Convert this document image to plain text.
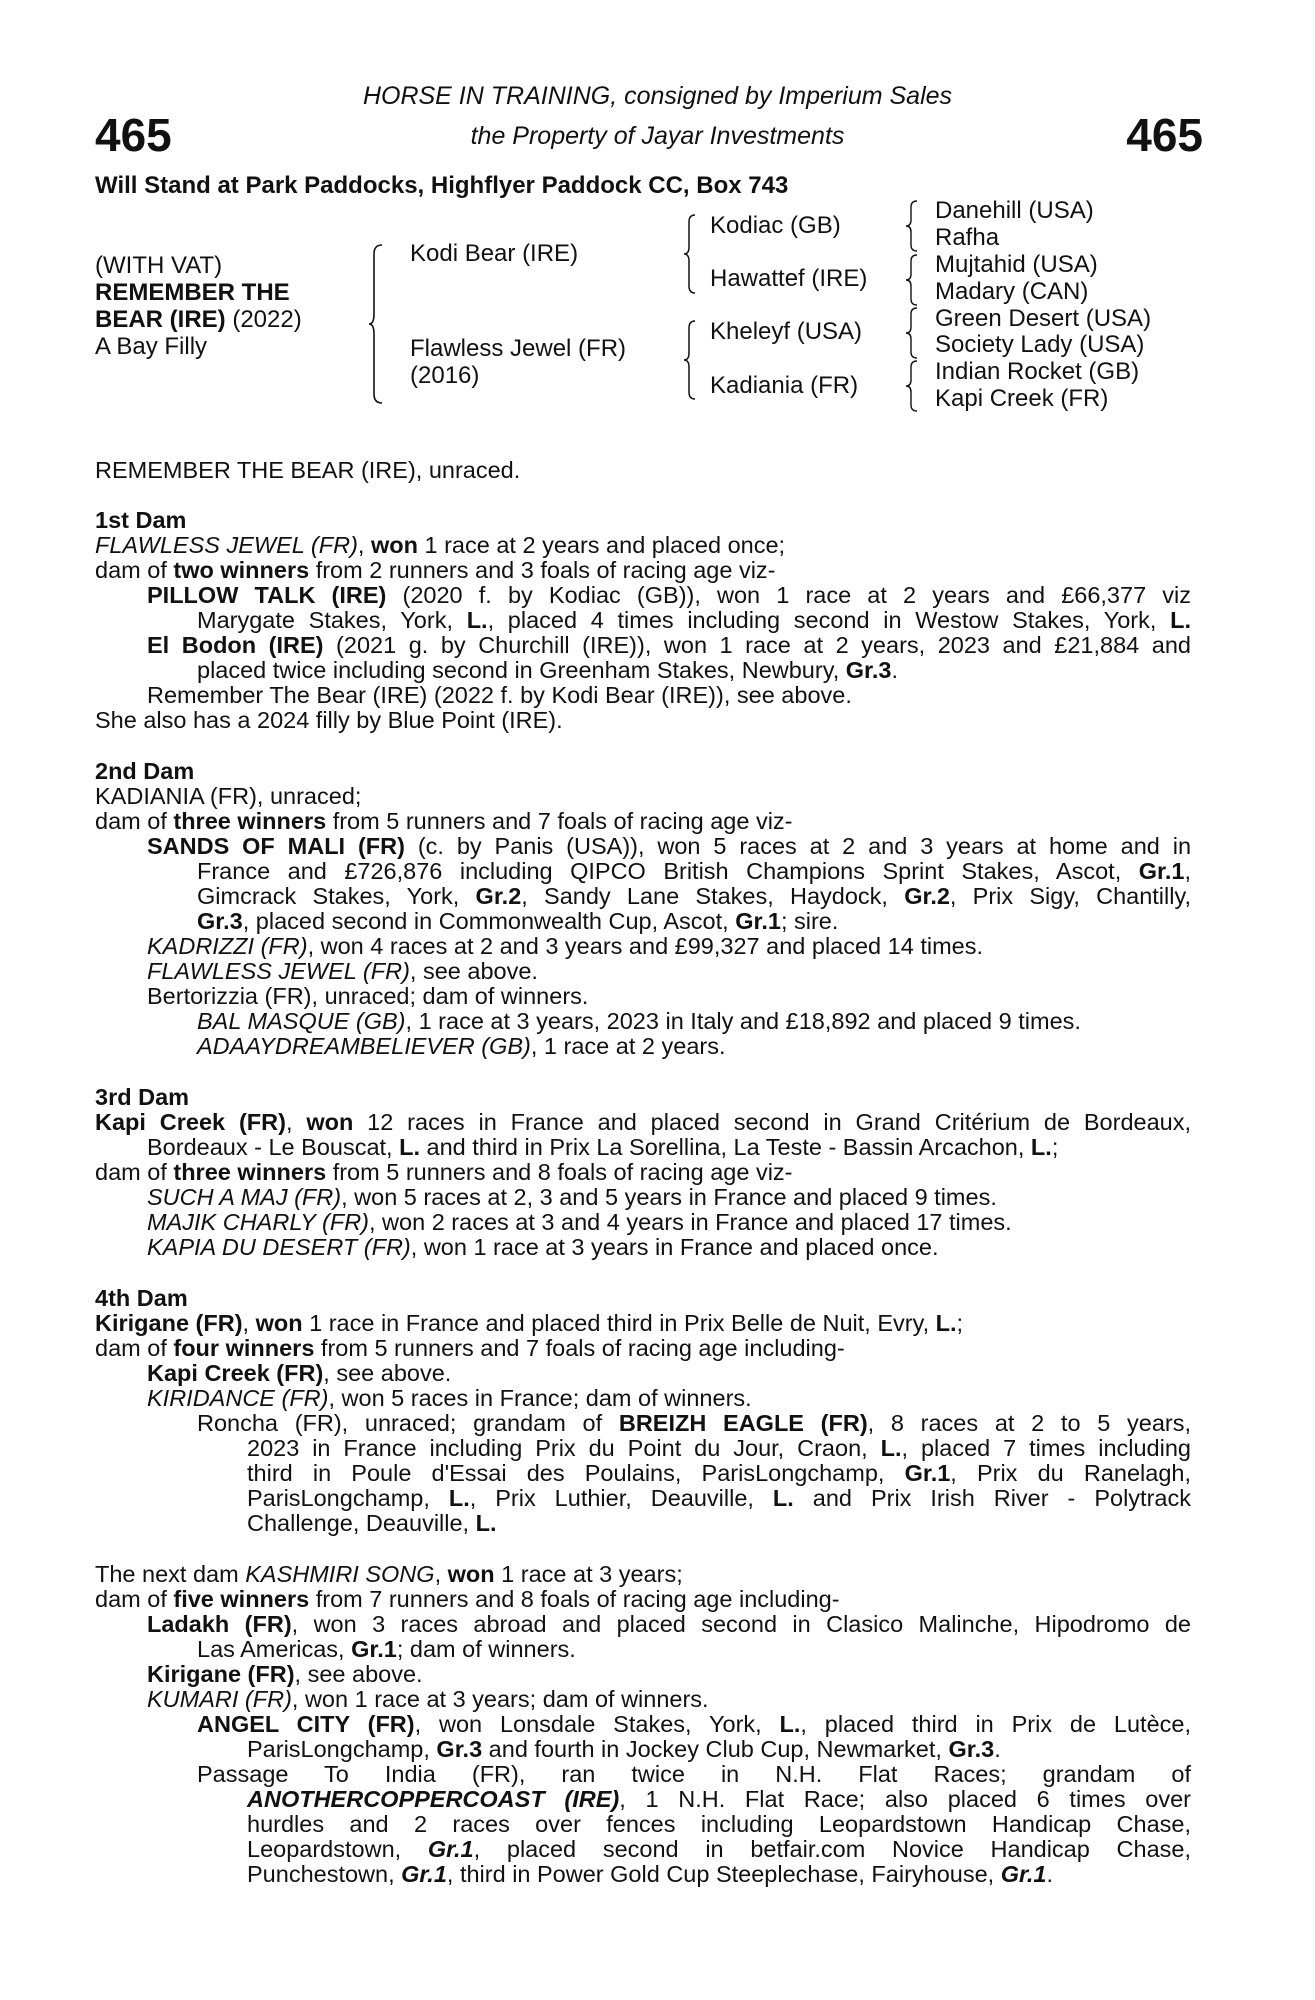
465	465
HORSE IN TRAINING, consigned by Imperium Sales
the Property of Jayar Investments
Will Stand at Park Paddocks, Highflyer Paddock CC, Box 743
(WITH VAT)
REMEMBER THE
BEAR (IRE) (2022)
A Bay Filly
Kodi Bear (IRE)
Flawless Jewel (FR)
(2016)
Kodiac (GB)
Hawattef (IRE)
Kheleyf (USA)
Kadiania (FR)
Danehill (USA)
Rafha
Mujtahid (USA)
Madary (CAN)
Green Desert (USA)
Society Lady (USA)
Indian Rocket (GB)
Kapi Creek (FR)
REMEMBER THE BEAR (IRE), unraced.
1st Dam
FLAWLESS JEWEL (FR), won 1 race at 2 years and placed once;
dam of two winners from 2 runners and 3 foals of racing age viz-
PILLOW TALK (IRE) (2020 f. by Kodiac (GB)), won 1 race at 2 years and £66,377 viz
Marygate Stakes, York, L., placed 4 times including second in Westow Stakes, York, L.
El Bodon (IRE) (2021 g. by Churchill (IRE)), won 1 race at 2 years, 2023 and £21,884 and
placed twice including second in Greenham Stakes, Newbury, Gr.3.
Remember The Bear (IRE) (2022 f. by Kodi Bear (IRE)), see above.
She also has a 2024 filly by Blue Point (IRE).
2nd Dam
KADIANIA (FR), unraced;
dam of three winners from 5 runners and 7 foals of racing age viz-
SANDS OF MALI (FR) (c. by Panis (USA)), won 5 races at 2 and 3 years at home and in
France and £726,876 including QIPCO British Champions Sprint Stakes, Ascot, Gr.1,
Gimcrack Stakes, York, Gr.2, Sandy Lane Stakes, Haydock, Gr.2, Prix Sigy, Chantilly,
Gr.3, placed second in Commonwealth Cup, Ascot, Gr.1; sire.
KADRIZZI (FR), won 4 races at 2 and 3 years and £99,327 and placed 14 times.
FLAWLESS JEWEL (FR), see above.
Bertorizzia (FR), unraced; dam of winners.
BAL MASQUE (GB), 1 race at 3 years, 2023 in Italy and £18,892 and placed 9 times.
ADAAYDREAMBELIEVER (GB), 1 race at 2 years.
3rd Dam
Kapi Creek (FR), won 12 races in France and placed second in Grand Critérium de Bordeaux,
Bordeaux - Le Bouscat, L. and third in Prix La Sorellina, La Teste - Bassin Arcachon, L.;
dam of three winners from 5 runners and 8 foals of racing age viz-
SUCH A MAJ (FR), won 5 races at 2, 3 and 5 years in France and placed 9 times.
MAJIK CHARLY (FR), won 2 races at 3 and 4 years in France and placed 17 times.
KAPIA DU DESERT (FR), won 1 race at 3 years in France and placed once.
4th Dam
Kirigane (FR), won 1 race in France and placed third in Prix Belle de Nuit, Evry, L.;
dam of four winners from 5 runners and 7 foals of racing age including-
Kapi Creek (FR), see above.
KIRIDANCE (FR), won 5 races in France; dam of winners.
Roncha (FR), unraced; grandam of BREIZH EAGLE (FR), 8 races at 2 to 5 years,
2023 in France including Prix du Point du Jour, Craon, L., placed 7 times including
third in Poule d'Essai des Poulains, ParisLongchamp, Gr.1, Prix du Ranelagh,
ParisLongchamp, L., Prix Luthier, Deauville, L. and Prix Irish River - Polytrack
Challenge, Deauville, L.
The next dam KASHMIRI SONG, won 1 race at 3 years;
dam of five winners from 7 runners and 8 foals of racing age including-
Ladakh (FR), won 3 races abroad and placed second in Clasico Malinche, Hipodromo de
Las Americas, Gr.1; dam of winners.
Kirigane (FR), see above.
KUMARI (FR), won 1 race at 3 years; dam of winners.
ANGEL CITY (FR), won Lonsdale Stakes, York, L., placed third in Prix de Lutèce,
ParisLongchamp, Gr.3 and fourth in Jockey Club Cup, Newmarket, Gr.3.
Passage To India (FR), ran twice in N.H. Flat Races; grandam of
ANOTHERCOPPERCOAST (IRE), 1 N.H. Flat Race; also placed 6 times over
hurdles and 2 races over fences including Leopardstown Handicap Chase,
Leopardstown, Gr.1, placed second in betfair.com Novice Handicap Chase,
Punchestown, Gr.1, third in Power Gold Cup Steeplechase, Fairyhouse, Gr.1.
